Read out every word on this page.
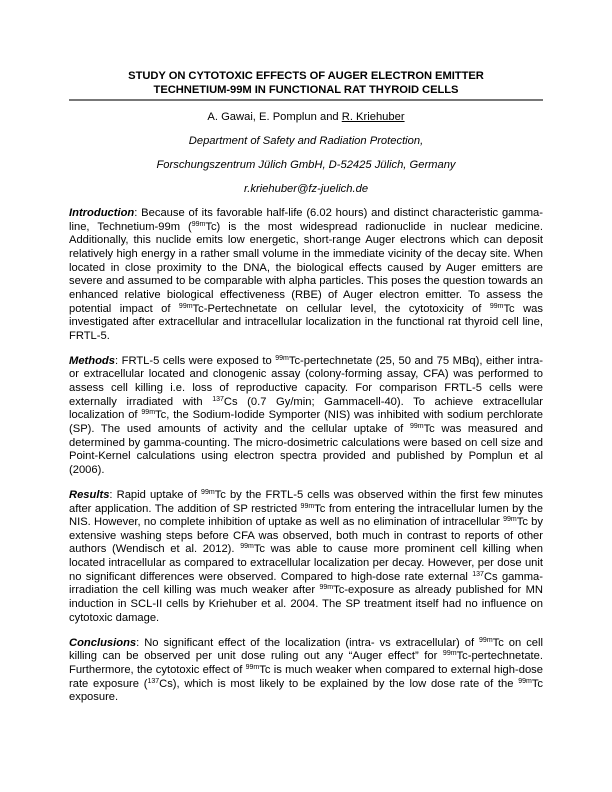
STUDY ON CYTOTOXIC EFFECTS OF AUGER ELECTRON EMITTER
TECHNETIUM-99M IN FUNCTIONAL RAT THYROID CELLS
A. Gawai, E. Pomplun and R. Kriehuber
Department of Safety and Radiation Protection,
Forschungszentrum Jülich GmbH, D-52425 Jülich, Germany
r.kriehuber@fz-juelich.de

Introduction: Because of its favorable half-life (6.02 hours) and distinct characteristic gamma-line, Technetium-99m ($^{99m}$Tc) is the most widespread radionuclide in nuclear medicine. Additionally, this nuclide emits low energetic, short-range Auger electrons which can deposit relatively high energy in a rather small volume in the immediate vicinity of the decay site. When located in close proximity to the DNA, the biological effects caused by Auger emitters are severe and assumed to be comparable with alpha particles. This poses the question towards an enhanced relative biological effectiveness (RBE) of Auger electron emitter. To assess the potential impact of $^{99m}$Tc-Pertechnetate on cellular level, the cytotoxicity of $^{99m}$Tc was investigated after extracellular and intracellular localization in the functional rat thyroid cell line, FRTL-5.

Methods: FRTL-5 cells were exposed to $^{99m}$Tc-pertechnetate (25, 50 and 75 MBq), either intra- or extracellular located and clonogenic assay (colony-forming assay, CFA) was performed to assess cell killing i.e. loss of reproductive capacity. For comparison FRTL-5 cells were externally irradiated with $^{137}$Cs (0.7 Gy/min; Gammacell-40). To achieve extracellular localization of $^{99m}$Tc, the Sodium-Iodide Symporter (NIS) was inhibited with sodium perchlorate (SP). The used amounts of activity and the cellular uptake of $^{99m}$Tc was measured and determined by gamma-counting. The micro-dosimetric calculations were based on cell size and Point-Kernel calculations using electron spectra provided and published by Pomplun et al (2006).

Results: Rapid uptake of $^{99m}$Tc by the FRTL-5 cells was observed within the first few minutes after application. The addition of SP restricted $^{99m}$Tc from entering the intracellular lumen by the NIS. However, no complete inhibition of uptake as well as no elimination of intracellular $^{99m}$Tc by extensive washing steps before CFA was observed, both much in contrast to reports of other authors (Wendisch et al. 2012). $^{99m}$Tc was able to cause more prominent cell killing when located intracellular as compared to extracellular localization per decay. However, per dose unit no significant differences were observed. Compared to high-dose rate external $^{137}$Cs gamma-irradiation the cell killing was much weaker after $^{99m}$Tc-exposure as already published for MN induction in SCL-II cells by Kriehuber et al. 2004. The SP treatment itself had no influence on cytotoxic damage.

Conclusions: No significant effect of the localization (intra- vs extracellular) of $^{99m}$Tc on cell killing can be observed per unit dose ruling out any “Auger effect” for $^{99m}$Tc-pertechnetate. Furthermore, the cytotoxic effect of $^{99m}$Tc is much weaker when compared to external high-dose rate exposure ($^{137}$Cs), which is most likely to be explained by the low dose rate of the $^{99m}$Tc exposure.
